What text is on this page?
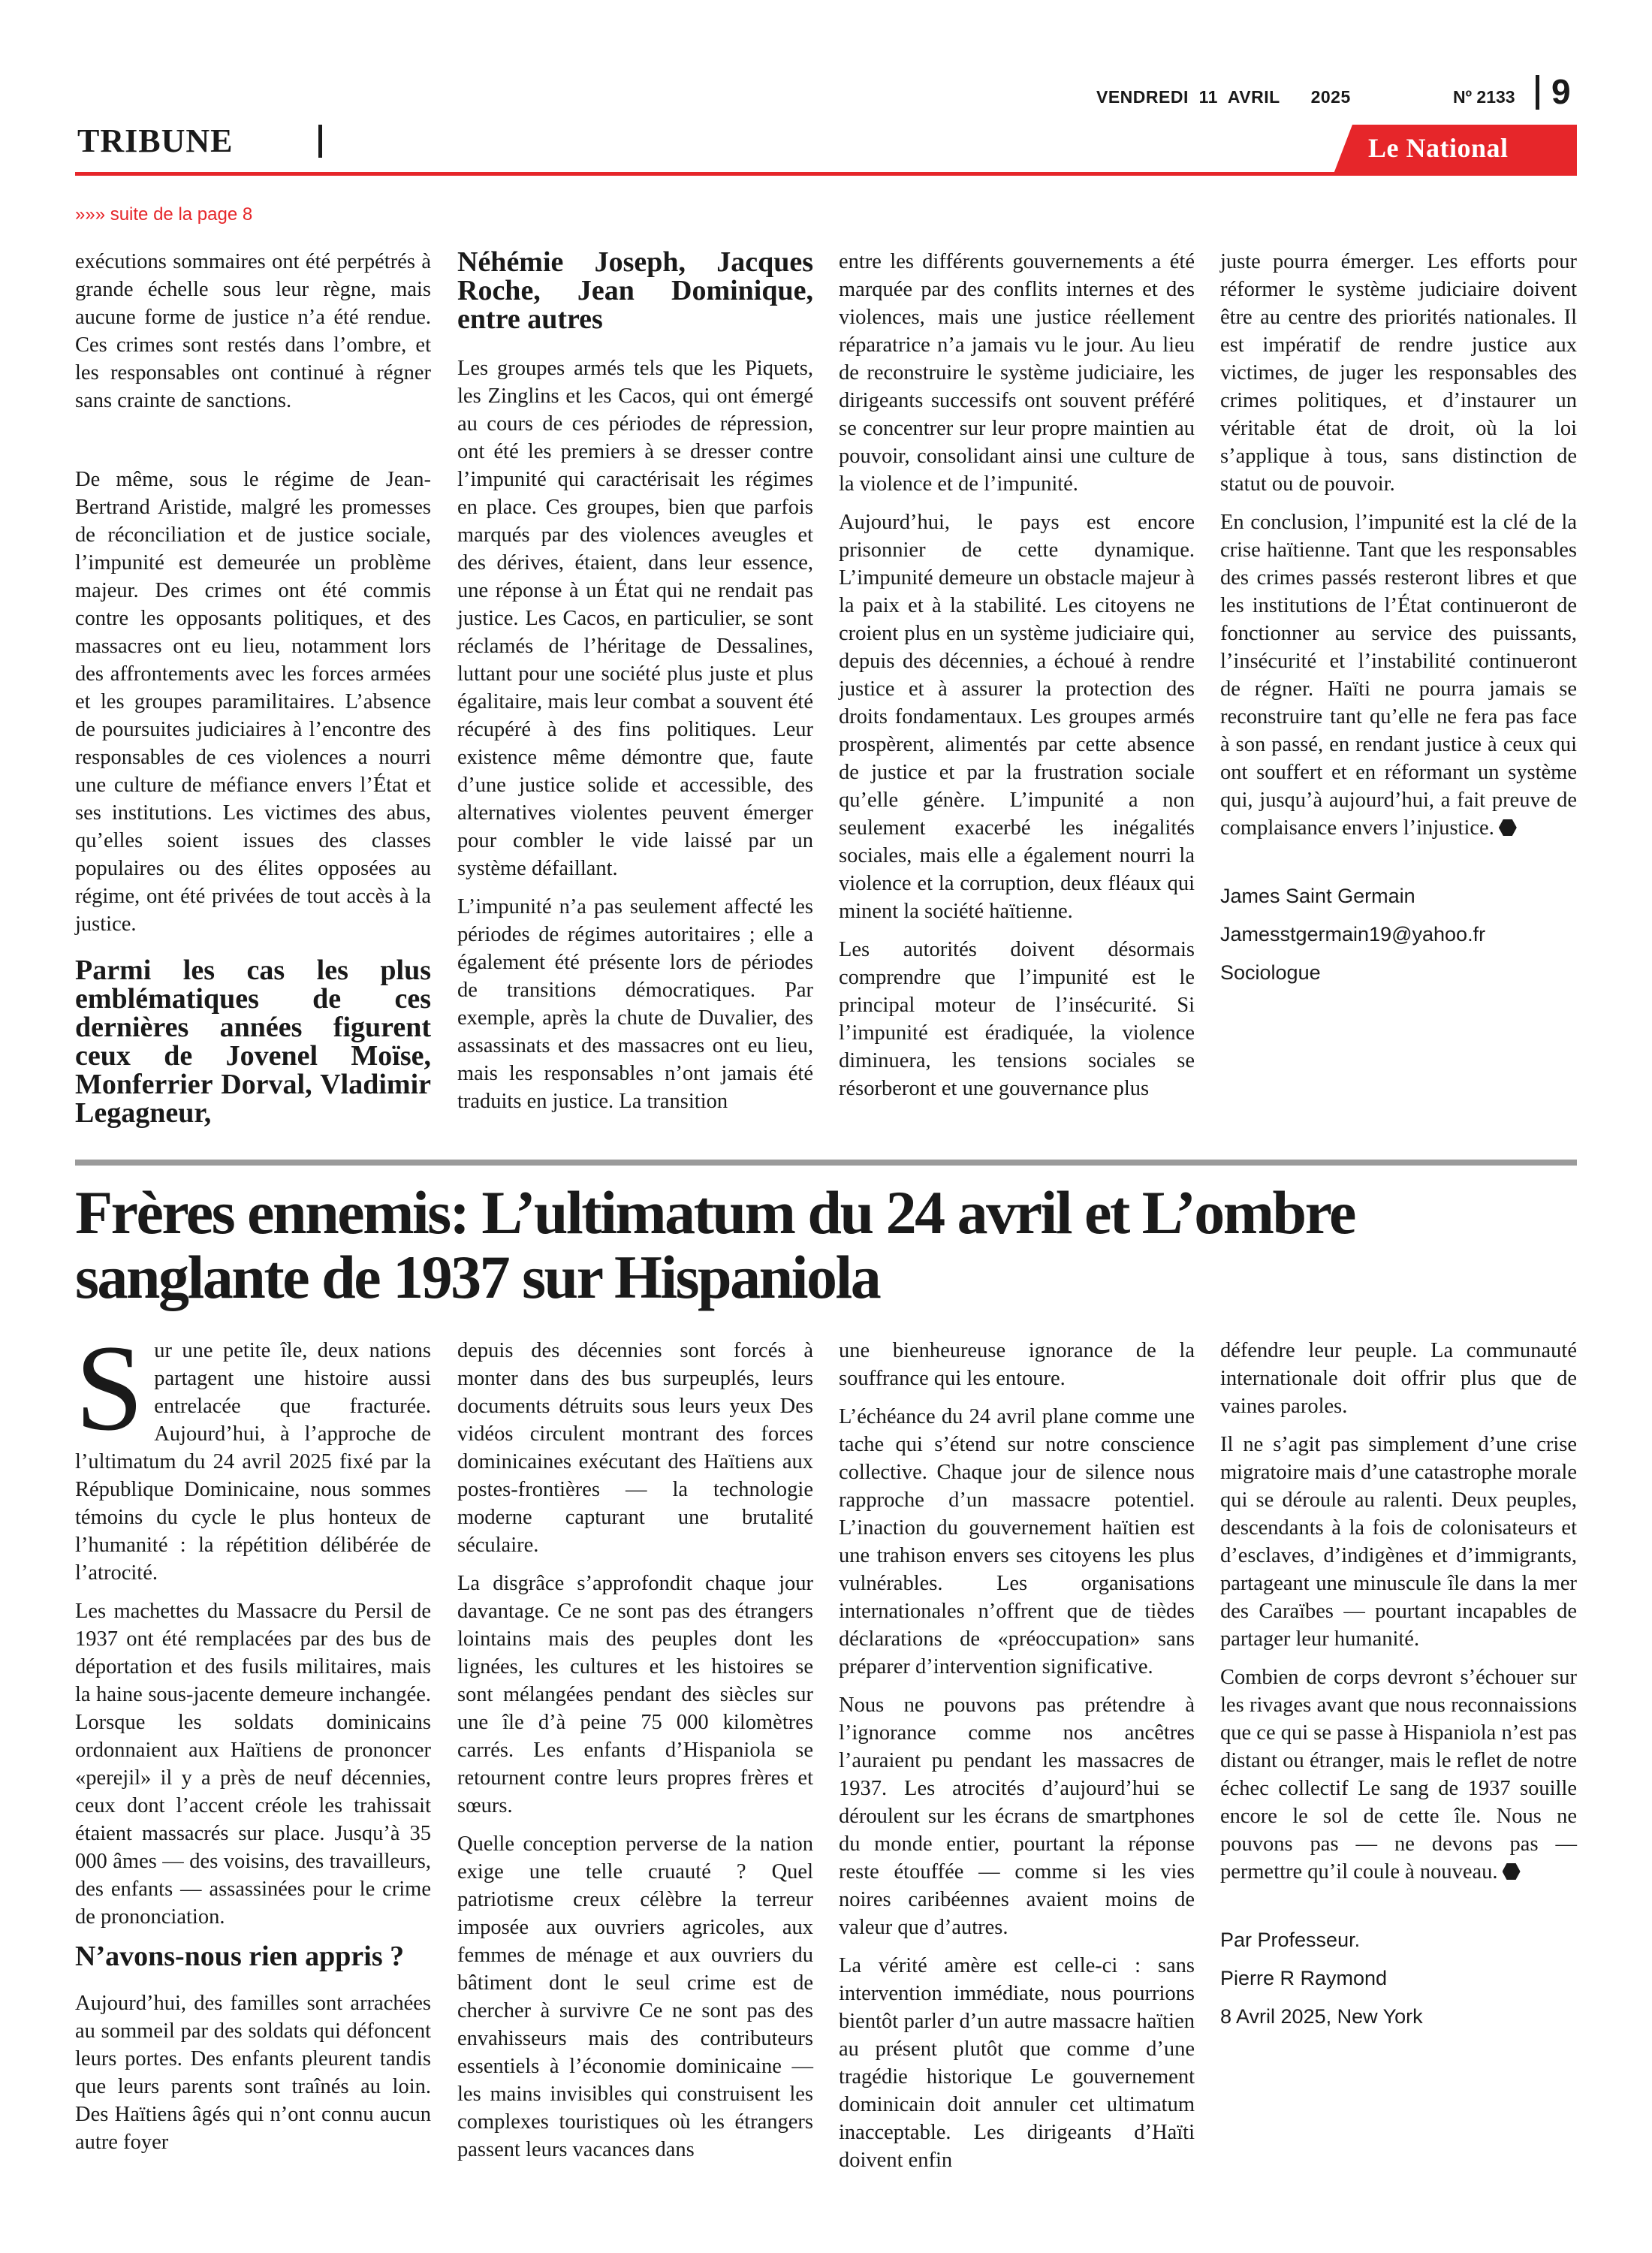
VENDREDI  11  AVRIL      2025	Nº 2133 9
TRIBUNE	Le National
»»» suite de la page 8

exécutions sommaires ont été perpétrés à grande échelle sous leur règne, mais aucune forme de justice n’a été rendue. Ces crimes sont restés dans l’ombre, et les responsables ont continué à régner sans crainte de sanctions.

De même, sous le régime de Jean-Bertrand Aristide, malgré les promesses de réconciliation et de justice sociale, l’impunité est demeurée un problème majeur. Des crimes ont été commis contre les opposants politiques, et des massacres ont eu lieu, notamment lors des affrontements avec les forces armées et les groupes paramilitaires. L’absence de poursuites judiciaires à l’encontre des responsables de ces violences a nourri une culture de méfiance envers l’État et ses institutions. Les victimes des abus, qu’elles soient issues des classes populaires ou des élites opposées au régime, ont été privées de tout accès à la justice.

Parmi les cas les plus emblématiques de ces dernières années figurent ceux de Jovenel Moïse, Monferrier Dorval, Vladimir Legagneur,
Néhémie Joseph, Jacques Roche, Jean Dominique, entre autres

Les groupes armés tels que les Piquets, les Zinglins et les Cacos, qui ont émergé au cours de ces périodes de répression, ont été les premiers à se dresser contre l’impunité qui caractérisait les régimes en place. Ces groupes, bien que parfois marqués par des violences aveugles et des dérives, étaient, dans leur essence, une réponse à un État qui ne rendait pas justice. Les Cacos, en particulier, se sont réclamés de l’héritage de Dessalines, luttant pour une société plus juste et plus égalitaire, mais leur combat a souvent été récupéré à des fins politiques. Leur existence même démontre que, faute d’une justice solide et accessible, des alternatives violentes peuvent émerger pour combler le vide laissé par un système défaillant.

L’impunité n’a pas seulement affecté les périodes de régimes autoritaires ; elle a également été présente lors de périodes de transitions démocratiques. Par exemple, après la chute de Duvalier, des assassinats et des massacres ont eu lieu, mais les responsables n’ont jamais été traduits en justice. La transition

entre les différents gouvernements a été marquée par des conflits internes et des violences, mais une justice réellement réparatrice n’a jamais vu le jour. Au lieu de reconstruire le système judiciaire, les dirigeants successifs ont souvent préféré se concentrer sur leur propre maintien au pouvoir, consolidant ainsi une culture de la violence et de l’impunité.

Aujourd’hui, le pays est encore prisonnier de cette dynamique. L’impunité demeure un obstacle majeur à la paix et à la stabilité. Les citoyens ne croient plus en un système judiciaire qui, depuis des décennies, a échoué à rendre justice et à assurer la protection des droits fondamentaux. Les groupes armés prospèrent, alimentés par cette absence de justice et par la frustration sociale qu’elle génère. L’impunité a non seulement exacerbé les inégalités sociales, mais elle a également nourri la violence et la corruption, deux fléaux qui minent la société haïtienne.

Les autorités doivent désormais comprendre que l’impunité est le principal moteur de l’insécurité. Si l’impunité est éradiquée, la violence diminuera, les tensions sociales se résorberont et une gouvernance plus

juste pourra émerger. Les efforts pour réformer le système judiciaire doivent être au centre des priorités nationales. Il est impératif de rendre justice aux victimes, de juger les responsables des crimes politiques, et d’instaurer un véritable état de droit, où la loi s’applique à tous, sans distinction de statut ou de pouvoir.

En conclusion, l’impunité est la clé de la crise haïtienne. Tant que les responsables des crimes passés resteront libres et que les institutions de l’État continueront de fonctionner au service des puissants, l’insécurité et l’instabilité continueront de régner. Haïti ne pourra jamais se reconstruire tant qu’elle ne fera pas face à son passé, en rendant justice à ceux qui ont souffert et en réformant un système qui, jusqu’à aujourd’hui, a fait preuve de complaisance envers l’injustice.

James Saint Germain

Jamesstgermain19@yahoo.fr

Sociologue

Frères ennemis: L’ultimatum du 24 avril et L’ombre sanglante de 1937 sur Hispaniola

Sur une petite île, deux nations partagent une histoire aussi entrelacée que fracturée. Aujourd’hui, à l’approche de l’ultimatum du 24 avril 2025 fixé par la République Dominicaine, nous sommes témoins du cycle le plus honteux de l’humanité : la répétition délibérée de l’atrocité.

Les machettes du Massacre du Persil de 1937 ont été remplacées par des bus de déportation et des fusils militaires, mais la haine sous-jacente demeure inchangée. Lorsque les soldats dominicains ordonnaient aux Haïtiens de prononcer «perejil» il y a près de neuf décennies, ceux dont l’accent créole les trahissait étaient massacrés sur place. Jusqu’à 35 000 âmes — des voisins, des travailleurs, des enfants — assassinées pour le crime de prononciation.

N’avons-nous rien appris ?

Aujourd’hui, des familles sont arrachées au sommeil par des soldats qui défoncent leurs portes. Des enfants pleurent tandis que leurs parents sont traînés au loin. Des Haïtiens âgés qui n’ont connu aucun autre foyer

depuis des décennies sont forcés à monter dans des bus surpeuplés, leurs documents détruits sous leurs yeux Des vidéos circulent montrant des forces dominicaines exécutant des Haïtiens aux postes-frontières — la technologie moderne capturant une brutalité séculaire.

La disgrâce s’approfondit chaque jour davantage. Ce ne sont pas des étrangers lointains mais des peuples dont les lignées, les cultures et les histoires se sont mélangées pendant des siècles sur une île d’à peine 75 000 kilomètres carrés. Les enfants d’Hispaniola se retournent contre leurs propres frères et sœurs.

Quelle conception perverse de la nation exige une telle cruauté ? Quel patriotisme creux célèbre la terreur imposée aux ouvriers agricoles, aux femmes de ménage et aux ouvriers du bâtiment dont le seul crime est de chercher à survivre Ce ne sont pas des envahisseurs mais des contributeurs essentiels à l’économie dominicaine — les mains invisibles qui construisent les complexes touristiques où les étrangers passent leurs vacances dans

une bienheureuse ignorance de la souffrance qui les entoure.

L’échéance du 24 avril plane comme une tache qui s’étend sur notre conscience collective. Chaque jour de silence nous rapproche d’un massacre potentiel. L’inaction du gouvernement haïtien est une trahison envers ses citoyens les plus vulnérables. Les organisations internationales n’offrent que de tièdes déclarations de «préoccupation» sans préparer d’intervention significative.

Nous ne pouvons pas prétendre à l’ignorance comme nos ancêtres l’auraient pu pendant les massacres de 1937. Les atrocités d’aujourd’hui se déroulent sur les écrans de smartphones du monde entier, pourtant la réponse reste étouffée — comme si les vies noires caribéennes avaient moins de valeur que d’autres.

La vérité amère est celle-ci : sans intervention immédiate, nous pourrions bientôt parler d’un autre massacre haïtien au présent plutôt que comme d’une tragédie historique Le gouvernement dominicain doit annuler cet ultimatum inacceptable. Les dirigeants d’Haïti doivent enfin

défendre leur peuple. La communauté internationale doit offrir plus que de vaines paroles.

Il ne s’agit pas simplement d’une crise migratoire mais d’une catastrophe morale qui se déroule au ralenti. Deux peuples, descendants à la fois de colonisateurs et d’esclaves, d’indigènes et d’immigrants, partageant une minuscule île dans la mer des Caraïbes — pourtant incapables de partager leur humanité.

Combien de corps devront s’échouer sur les rivages avant que nous reconnaissions que ce qui se passe à Hispaniola n’est pas distant ou étranger, mais le reflet de notre échec collectif Le sang de 1937 souille encore le sol de cette île. Nous ne pouvons pas — ne devons pas — permettre qu’il coule à nouveau.

Par Professeur.

Pierre R Raymond

8 Avril 2025, New York
